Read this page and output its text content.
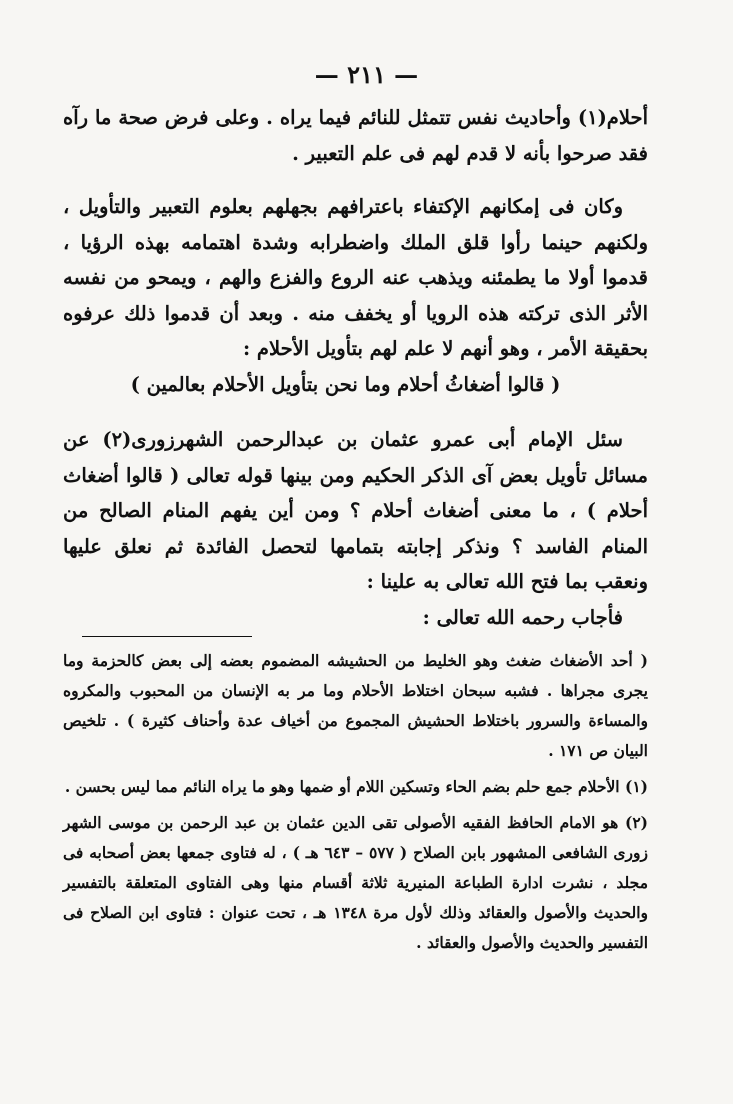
— ٢١١ —

أحلام(١) وأحاديث نفس تتمثل للنائم فيما يراه . وعلى فرض صحة ما رآه فقد صرحوا بأنه لا قدم لهم فى علم التعبير .

وكان فى إمكانهم الإكتفاء باعترافهم بجهلهم بعلوم التعبير والتأويل ، ولكنهم حينما رأوا قلق الملك واضطرابه وشدة اهتمامه بهذه الرؤيا ، قدموا أولا ما يطمئنه ويذهب عنه الروع والفزع والهم ، ويمحو من نفسه الأثر الذى تركته هذه الرويا أو يخفف منه . وبعد أن قدموا ذلك عرفوه بحقيقة الأمر ، وهو أنهم لا علم لهم بتأويل الأحلام :

( قالوا أضغاثُ أحلام وما نحن بتأويل الأحلام بعالمين )

سئل الإمام أبى عمرو عثمان بن عبدالرحمن الشهرزورى(٢) عن مسائل تأويل بعض آى الذكر الحكيم ومن بينها قوله تعالى ( قالوا أضغاث أحلام ) ، ما معنى أضغاث أحلام ؟ ومن أين يفهم المنام الصالح من المنام الفاسد ؟ ونذكر إجابته بتمامها لتحصل الفائدة ثم نعلق عليها ونعقب بما فتح الله تعالى به علينا :

فأجاب رحمه الله تعالى :

( أحد الأضغاث ضغث وهو الخليط من الحشيشه المضموم بعضه إلى بعض كالحزمة وما يجرى مجراها . فشبه سبحان اختلاط الأحلام وما مر به الإنسان من المحبوب والمكروه والمساءة والسرور باختلاط الحشيش المجموع من أخياف عدة وأحناف كثيرة ) . تلخيص البيان ص ١٧١ .

(١) الأحلام جمع حلم بضم الحاء وتسكين اللام أو ضمها وهو ما يراه النائم مما ليس بحسن .

(٢) هو الامام الحافظ الفقيه الأصولى تقى الدين عثمان بن عبد الرحمن بن موسى الشهر زورى الشافعى المشهور بابن الصلاح ( ٥٧٧ – ٦٤٣ هـ ) ، له فتاوى جمعها بعض أصحابه فى مجلد ، نشرت ادارة الطباعة المنيرية ثلاثة أقسام منها وهى الفتاوى المتعلقة بالتفسير والحديث والأصول والعقائد وذلك لأول مرة ١٣٤٨ هـ ، تحت عنوان : فتاوى ابن الصلاح فى التفسير والحديث والأصول والعقائد .
